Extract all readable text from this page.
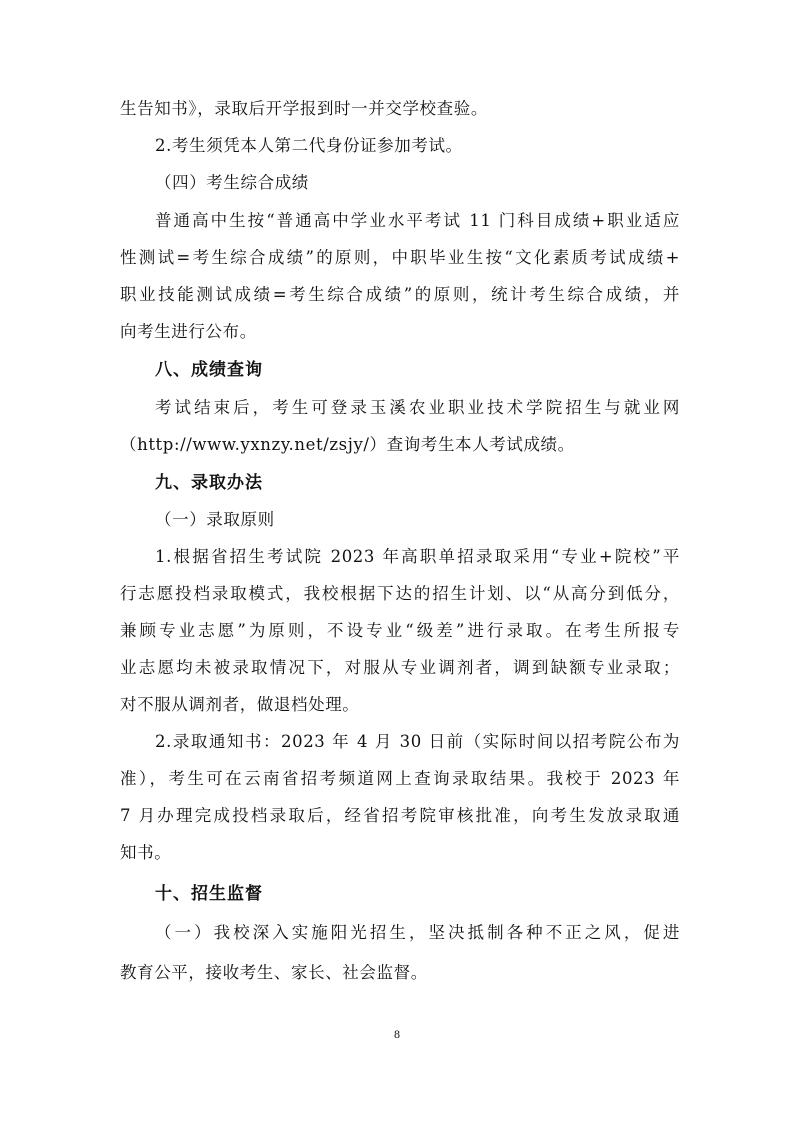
生告知书》，录取后开学报到时一并交学校查验。
2.考生须凭本人第二代身份证参加考试。
（四）考生综合成绩
普通高中生按“普通高中学业水平考试 11 门科目成绩+职业适应
性测试=考生综合成绩”的原则，中职毕业生按“文化素质考试成绩+
职业技能测试成绩=考生综合成绩”的原则，统计考生综合成绩，并
向考生进行公布。
八、成绩查询
考试结束后，考生可登录玉溪农业职业技术学院招生与就业网
（http://www.yxnzy.net/zsjy/）查询考生本人考试成绩。
九、录取办法
（一）录取原则
1.根据省招生考试院 2023 年高职单招录取采用“专业+院校”平
行志愿投档录取模式，我校根据下达的招生计划、以“从高分到低分，
兼顾专业志愿”为原则，不设专业“级差”进行录取。在考生所报专
业志愿均未被录取情况下，对服从专业调剂者，调到缺额专业录取；
对不服从调剂者，做退档处理。
2.录取通知书：2023 年 4 月 30 日前（实际时间以招考院公布为
准），考生可在云南省招考频道网上查询录取结果。我校于 2023 年
7 月办理完成投档录取后，经省招考院审核批准，向考生发放录取通
知书。
十、招生监督
（一）我校深入实施阳光招生，坚决抵制各种不正之风，促进
教育公平，接收考生、家长、社会监督。
8
